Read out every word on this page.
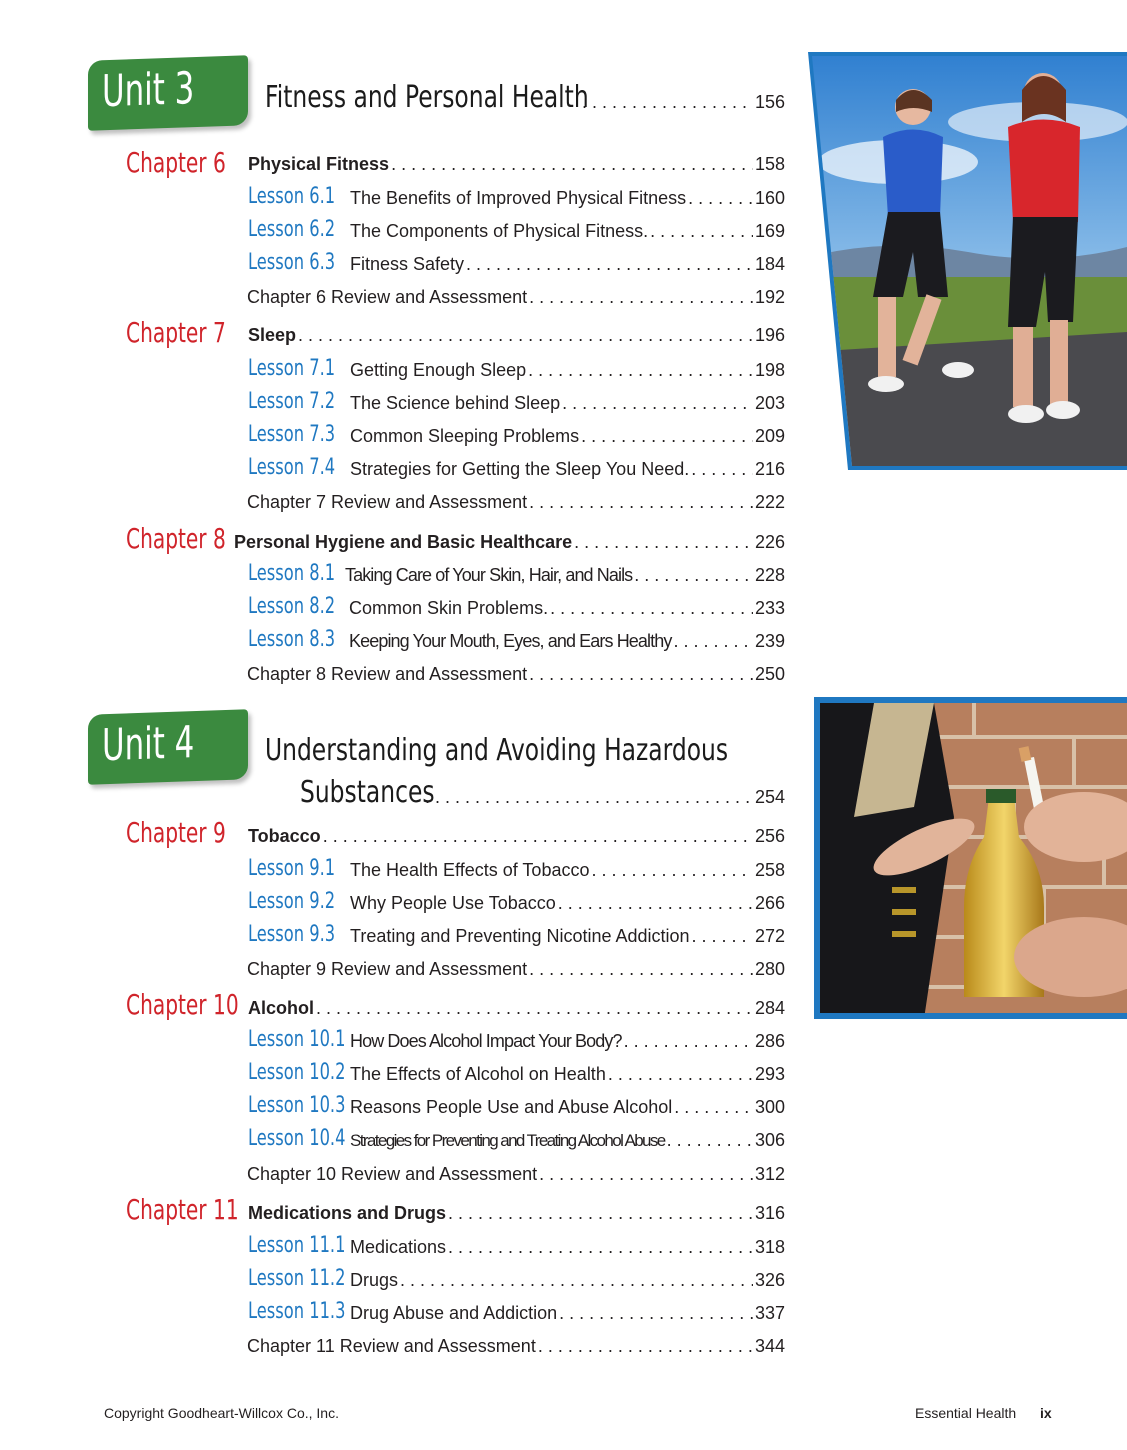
Unit 3 Fitness and Personal Health . . .	156
Chapter 6 Physical Fitness . . .	158
Lesson 6.1 The Benefits of Improved Physical Fitness . . .	160
Lesson 6.2 The Components of Physical Fitness. . . .	169
Lesson 6.3 Fitness Safety . . .	184
Chapter 6 Review and Assessment . . .	192
Chapter 7 Sleep . . .	196
Lesson 7.1 Getting Enough Sleep . . .	198
Lesson 7.2 The Science behind Sleep . . .	203
Lesson 7.3 Common Sleeping Problems . . .	209
Lesson 7.4 Strategies for Getting the Sleep You Need. . . .	216
Chapter 7 Review and Assessment . . .	222
Chapter 8 Personal Hygiene and Basic Healthcare . . .	226
Lesson 8.1 Taking Care of Your Skin, Hair, and Nails . . .	228
Lesson 8.2 Common Skin Problems. . . .	233
Lesson 8.3 Keeping Your Mouth, Eyes, and Ears Healthy . . .	239
Chapter 8 Review and Assessment . . .	250
Unit 4 Understanding and Avoiding Hazardous
Substances . . .	254
Chapter 9 Tobacco . . .	256
Lesson 9.1 The Health Effects of Tobacco . . .	258
Lesson 9.2 Why People Use Tobacco . . .	266
Lesson 9.3 Treating and Preventing Nicotine Addiction . . .	272
Chapter 9 Review and Assessment . . .	280
Chapter 10 Alcohol . . .	284
Lesson 10.1 How Does Alcohol Impact Your Body? . . .	286
Lesson 10.2 The Effects of Alcohol on Health . . .	293
Lesson 10.3 Reasons People Use and Abuse Alcohol . . .	300
Lesson 10.4 Strategies for Preventing and Treating Alcohol Abuse . . .	306
Chapter 10 Review and Assessment . . .	312
Chapter 11 Medications and Drugs . . .	316
Lesson 11.1 Medications . . .	318
Lesson 11.2 Drugs . . .	326
Lesson 11.3 Drug Abuse and Addiction . . .	337
Chapter 11 Review and Assessment . . .	344
Copyright Goodheart-Willcox Co., Inc.	Essential Health ix
